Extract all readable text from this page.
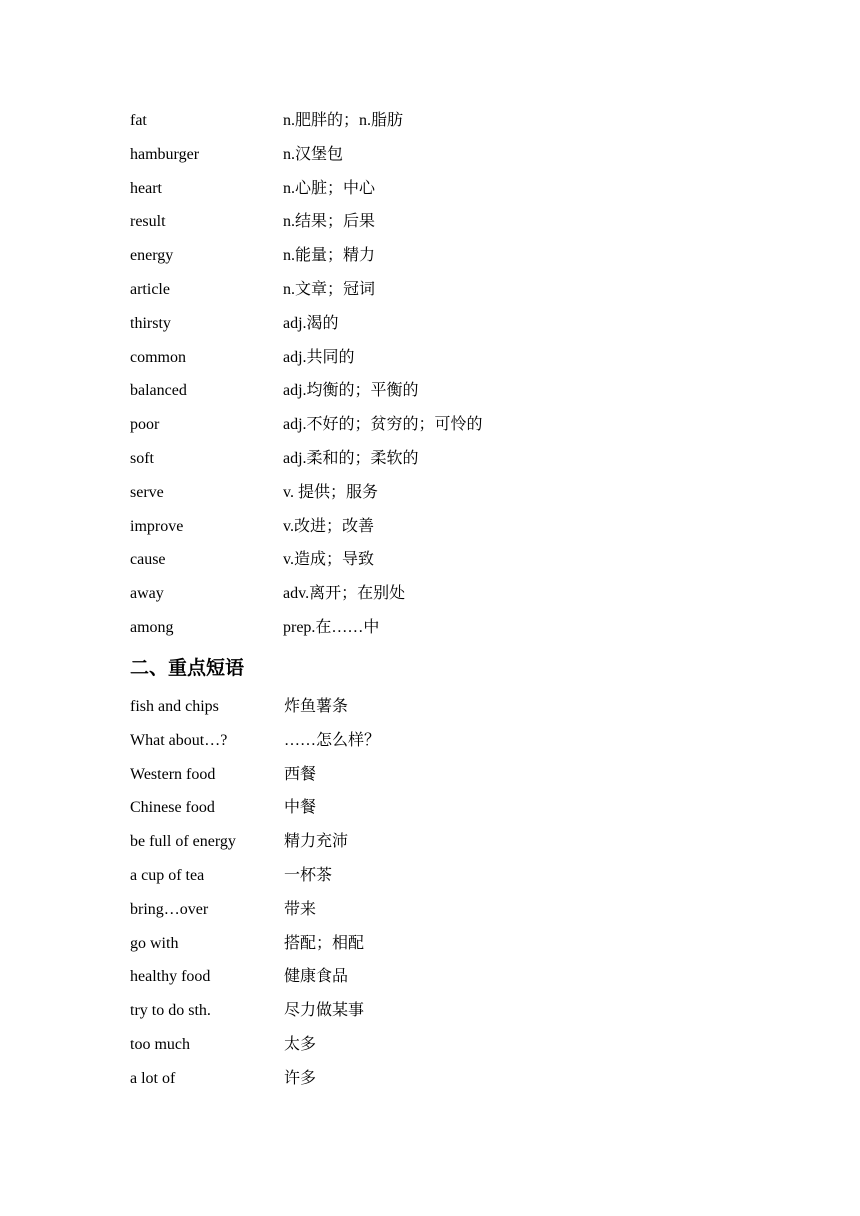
fat	n.肥胖的；n.脂肪
hamburger	n.汉堡包
heart	n.心脏；中心
result	n.结果；后果
energy	n.能量；精力
article	n.文章；冠词
thirsty	adj.渴的
common	adj.共同的
balanced	adj.均衡的；平衡的
poor	adj.不好的；贫穷的；可怜的
soft	adj.柔和的；柔软的
serve	v. 提供；服务
improve	v.改进；改善
cause	v.造成；导致
away	adv.离开；在别处
among	prep.在……中
二、重点短语
fish and chips	炸鱼薯条
What about…?	……怎么样？
Western food	西餐
Chinese food	中餐
be full of energy	精力充沛
a cup of tea	一杯茶
bring…over	带来
go with	搭配；相配
healthy food	健康食品
try to do sth.	尽力做某事
too much	太多
a lot of	许多
